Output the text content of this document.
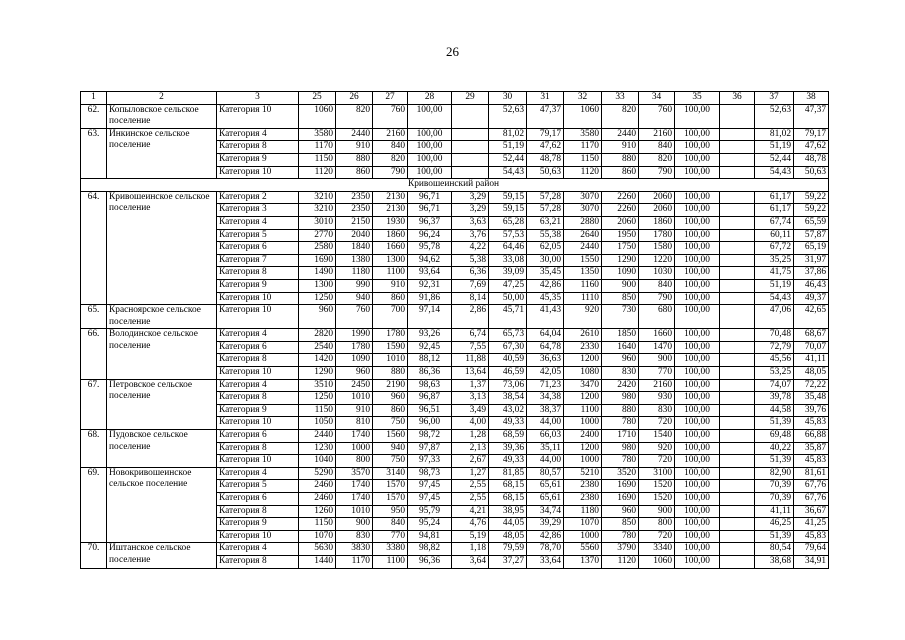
26
1	2	3	25	26	27	28	29	30	31	32	33	34	35	36	37	38
62.	Копыловское сельское поселение	Категория 10	1060	820	760	100,00		52,63	47,37	1060	820	760	100,00		52,63	47,37
63.	Инкинское сельское поселение	Категория 4	3580	2440	2160	100,00		81,02	79,17	3580	2440	2160	100,00		81,02	79,17
		Категория 8	1170	910	840	100,00		51,19	47,62	1170	910	840	100,00		51,19	47,62
		Категория 9	1150	880	820	100,00		52,44	48,78	1150	880	820	100,00		52,44	48,78
		Категория 10	1120	860	790	100,00		54,43	50,63	1120	860	790	100,00		54,43	50,63
Кривошеинский район																
64.	Кривошеинское сельское поселение	Категория 2	3210	2350	2130	96,71	3,29	59,15	57,28	3070	2260	2060	100,00		61,17	59,22
		Категория 3	3210	2350	2130	96,71	3,29	59,15	57,28	3070	2260	2060	100,00		61,17	59,22
		Категория 4	3010	2150	1930	96,37	3,63	65,28	63,21	2880	2060	1860	100,00		67,74	65,59
		Категория 5	2770	2040	1860	96,24	3,76	57,53	55,38	2640	1950	1780	100,00		60,11	57,87
		Категория 6	2580	1840	1660	95,78	4,22	64,46	62,05	2440	1750	1580	100,00		67,72	65,19
		Категория 7	1690	1380	1300	94,62	5,38	33,08	30,00	1550	1290	1220	100,00		35,25	31,97
		Категория 8	1490	1180	1100	93,64	6,36	39,09	35,45	1350	1090	1030	100,00		41,75	37,86
		Категория 9	1300	990	910	92,31	7,69	47,25	42,86	1160	900	840	100,00		51,19	46,43
		Категория 10	1250	940	860	91,86	8,14	50,00	45,35	1110	850	790	100,00		54,43	49,37
65.	Красноярское сельское поселение	Категория 10	960	760	700	97,14	2,86	45,71	41,43	920	730	680	100,00		47,06	42,65
66.	Володинское сельское поселение	Категория 4	2820	1990	1780	93,26	6,74	65,73	64,04	2610	1850	1660	100,00		70,48	68,67
		Категория 6	2540	1780	1590	92,45	7,55	67,30	64,78	2330	1640	1470	100,00		72,79	70,07
		Категория 8	1420	1090	1010	88,12	11,88	40,59	36,63	1200	960	900	100,00		45,56	41,11
		Категория 10	1290	960	880	86,36	13,64	46,59	42,05	1080	830	770	100,00		53,25	48,05
67.	Петровское сельское поселение	Категория 4	3510	2450	2190	98,63	1,37	73,06	71,23	3470	2420	2160	100,00		74,07	72,22
		Категория 8	1250	1010	960	96,87	3,13	38,54	34,38	1200	980	930	100,00		39,78	35,48
		Категория 9	1150	910	860	96,51	3,49	43,02	38,37	1100	880	830	100,00		44,58	39,76
		Категория 10	1050	810	750	96,00	4,00	49,33	44,00	1000	780	720	100,00		51,39	45,83
68.	Пудовское сельское поселение	Категория 6	2440	1740	1560	98,72	1,28	68,59	66,03	2400	1710	1540	100,00		69,48	66,88
		Категория 8	1230	1000	940	97,87	2,13	39,36	35,11	1200	980	920	100,00		40,22	35,87
		Категория 10	1040	800	750	97,33	2,67	49,33	44,00	1000	780	720	100,00		51,39	45,83
69.	Новокривошеинское сельское поселение	Категория 4	5290	3570	3140	98,73	1,27	81,85	80,57	5210	3520	3100	100,00		82,90	81,61
		Категория 5	2460	1740	1570	97,45	2,55	68,15	65,61	2380	1690	1520	100,00		70,39	67,76
		Категория 6	2460	1740	1570	97,45	2,55	68,15	65,61	2380	1690	1520	100,00		70,39	67,76
		Категория 8	1260	1010	950	95,79	4,21	38,95	34,74	1180	960	900	100,00		41,11	36,67
		Категория 9	1150	900	840	95,24	4,76	44,05	39,29	1070	850	800	100,00		46,25	41,25
		Категория 10	1070	830	770	94,81	5,19	48,05	42,86	1000	780	720	100,00		51,39	45,83
70.	Иштанское сельское поселение	Категория 4	5630	3830	3380	98,82	1,18	79,59	78,70	5560	3790	3340	100,00		80,54	79,64
		Категория 8	1440	1170	1100	96,36	3,64	37,27	33,64	1370	1120	1060	100,00		38,68	34,91
